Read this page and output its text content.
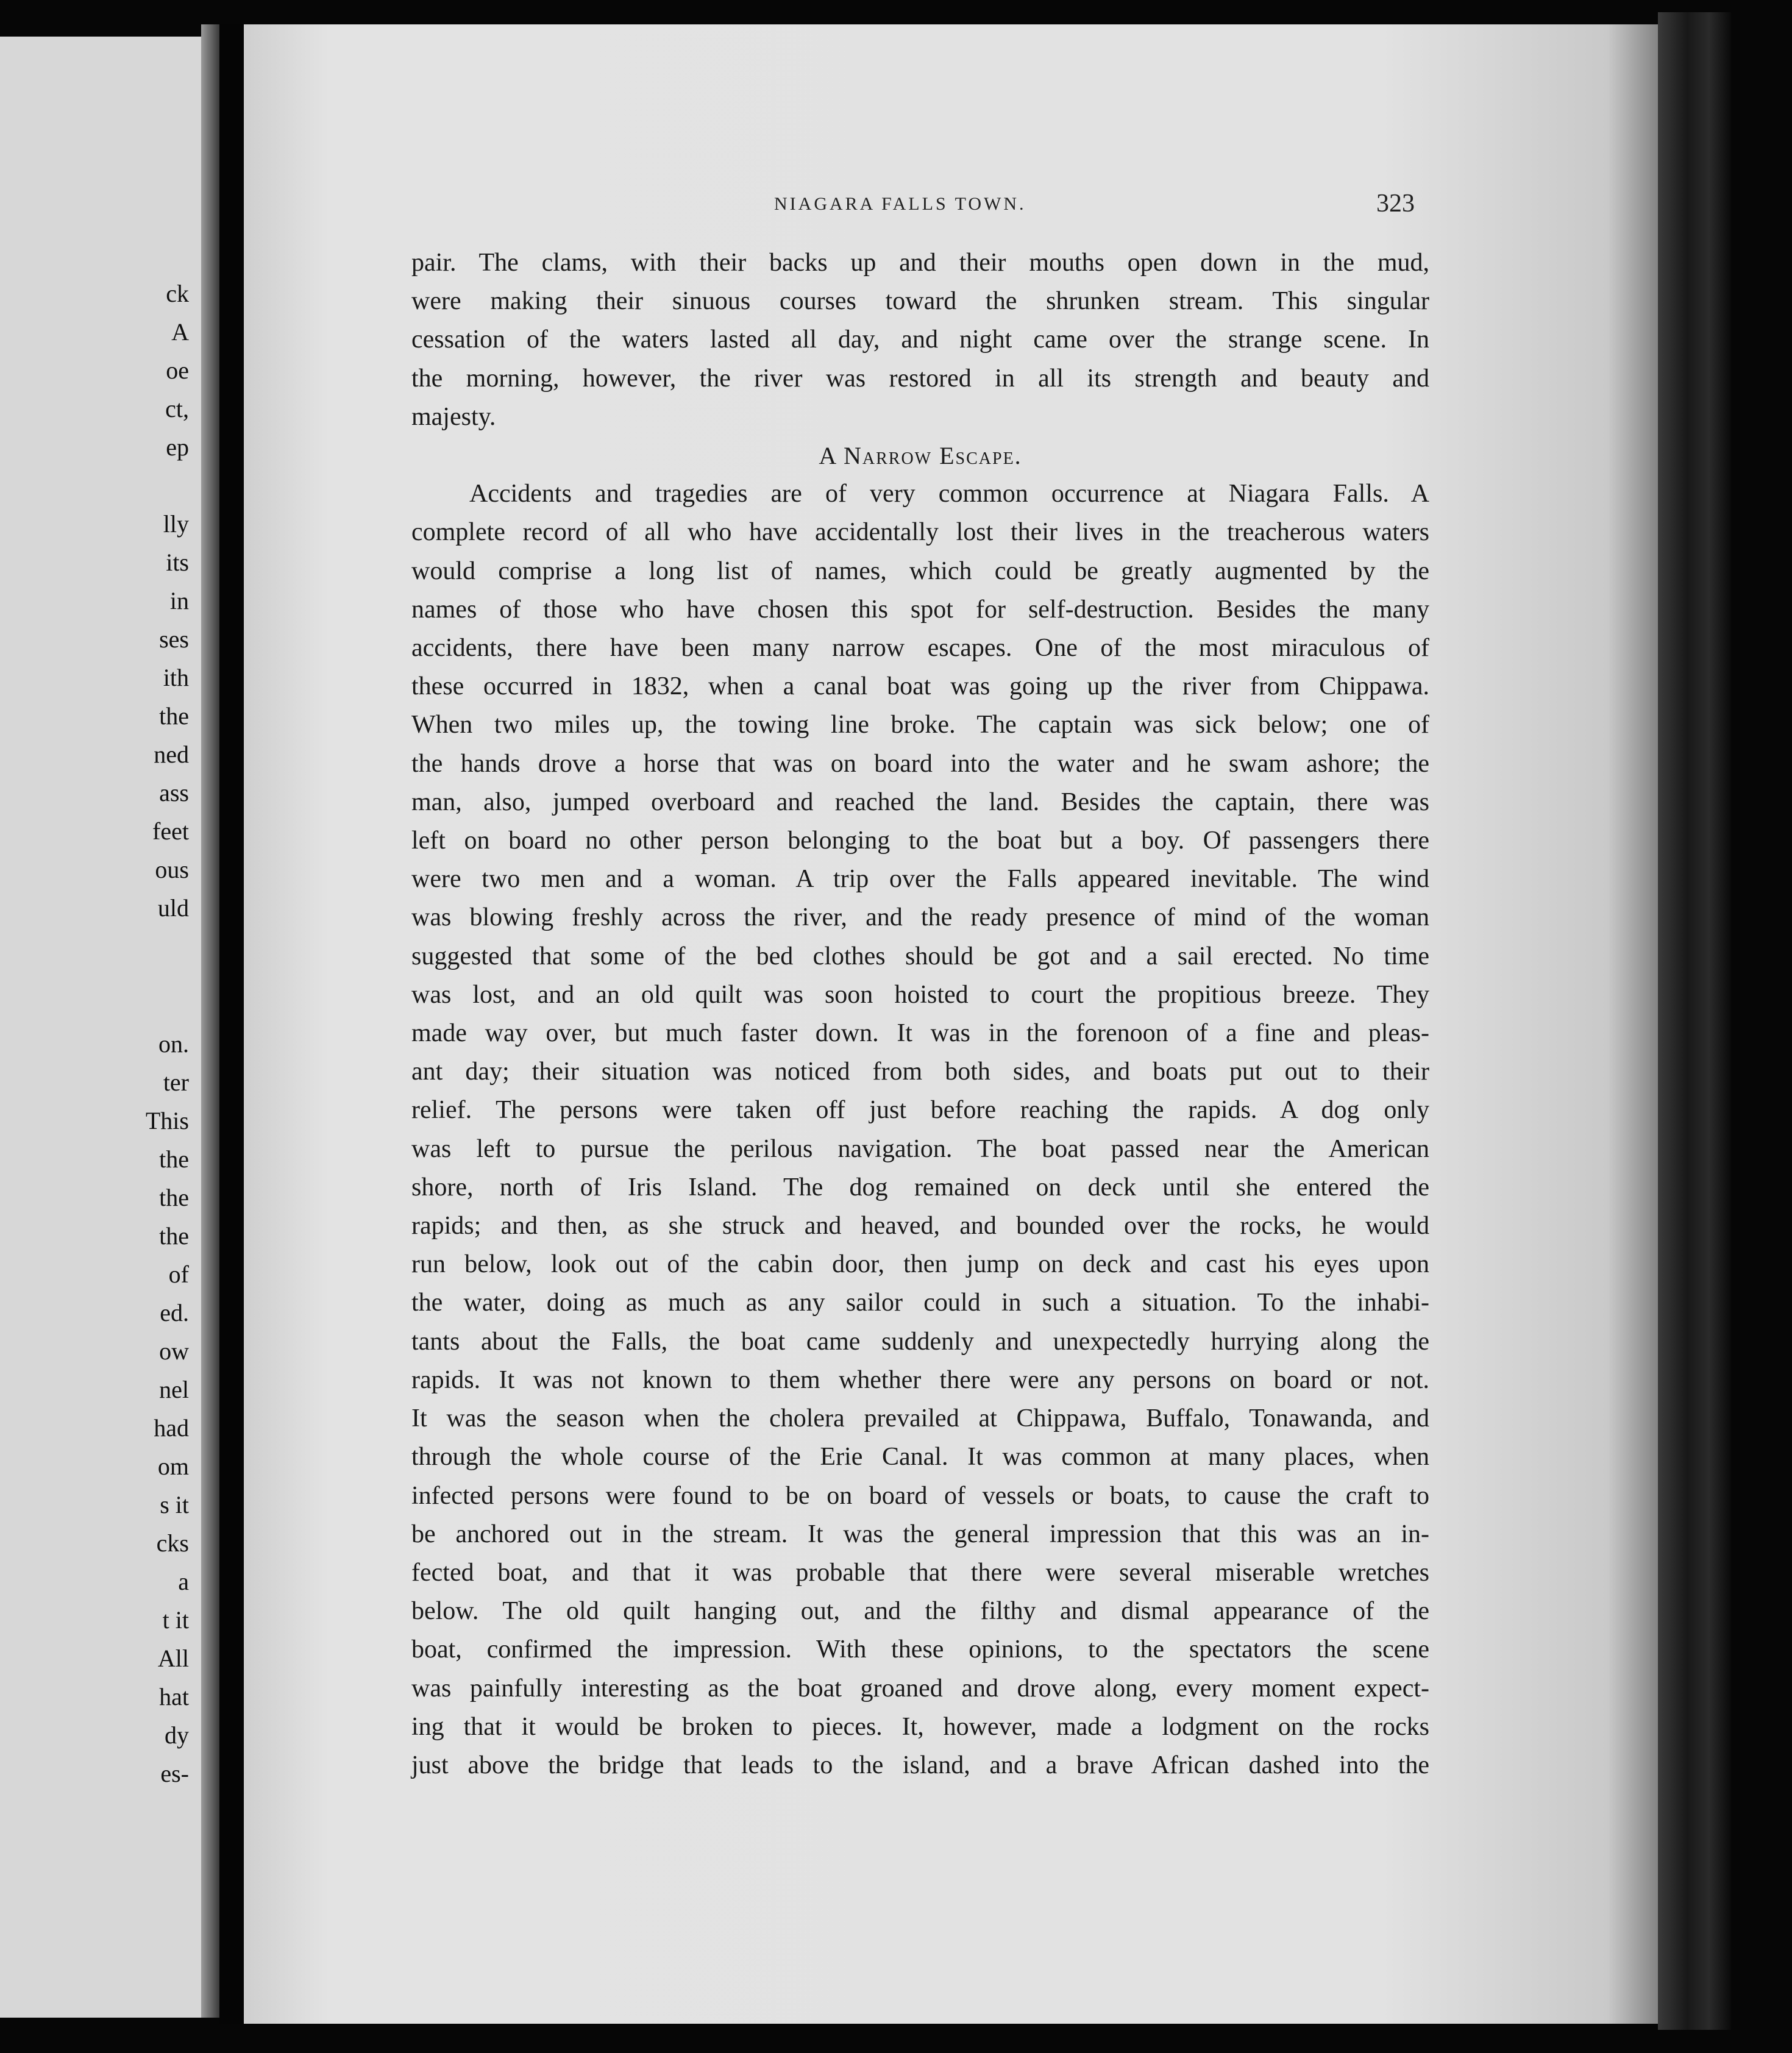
ck
A
oe
ct,
ep
lly
its
in
ses
ith
the
ned
ass
feet
ous
uld
on.
ter
This
the
the
the
of
ed.
ow
nel
had
om
s it
cks
a
t it
All
hat
dy
es-
NIAGARA FALLS TOWN.	323
pair. The clams, with their backs up and their mouths open down in the mud,
were making their sinuous courses toward the shrunken stream. This singular
cessation of the waters lasted all day, and night came over the strange scene. In
the morning, however, the river was restored in all its strength and beauty and
majesty.
A Narrow Escape.
Accidents and tragedies are of very common occurrence at Niagara Falls. A
complete record of all who have accidentally lost their lives in the treacherous waters
would comprise a long list of names, which could be greatly augmented by the
names of those who have chosen this spot for self-destruction. Besides the many
accidents, there have been many narrow escapes. One of the most miraculous of
these occurred in 1832, when a canal boat was going up the river from Chippawa.
When two miles up, the towing line broke. The captain was sick below; one of
the hands drove a horse that was on board into the water and he swam ashore; the
man, also, jumped overboard and reached the land. Besides the captain, there was
left on board no other person belonging to the boat but a boy. Of passengers there
were two men and a woman. A trip over the Falls appeared inevitable. The wind
was blowing freshly across the river, and the ready presence of mind of the woman
suggested that some of the bed clothes should be got and a sail erected. No time
was lost, and an old quilt was soon hoisted to court the propitious breeze. They
made way over, but much faster down. It was in the forenoon of a fine and pleas-
ant day; their situation was noticed from both sides, and boats put out to their
relief. The persons were taken off just before reaching the rapids. A dog only
was left to pursue the perilous navigation. The boat passed near the American
shore, north of Iris Island. The dog remained on deck until she entered the
rapids; and then, as she struck and heaved, and bounded over the rocks, he would
run below, look out of the cabin door, then jump on deck and cast his eyes upon
the water, doing as much as any sailor could in such a situation. To the inhabi-
tants about the Falls, the boat came suddenly and unexpectedly hurrying along the
rapids. It was not known to them whether there were any persons on board or not.
It was the season when the cholera prevailed at Chippawa, Buffalo, Tonawanda, and
through the whole course of the Erie Canal. It was common at many places, when
infected persons were found to be on board of vessels or boats, to cause the craft to
be anchored out in the stream. It was the general impression that this was an in-
fected boat, and that it was probable that there were several miserable wretches
below. The old quilt hanging out, and the filthy and dismal appearance of the
boat, confirmed the impression. With these opinions, to the spectators the scene
was painfully interesting as the boat groaned and drove along, every moment expect-
ing that it would be broken to pieces. It, however, made a lodgment on the rocks
just above the bridge that leads to the island, and a brave African dashed into the
